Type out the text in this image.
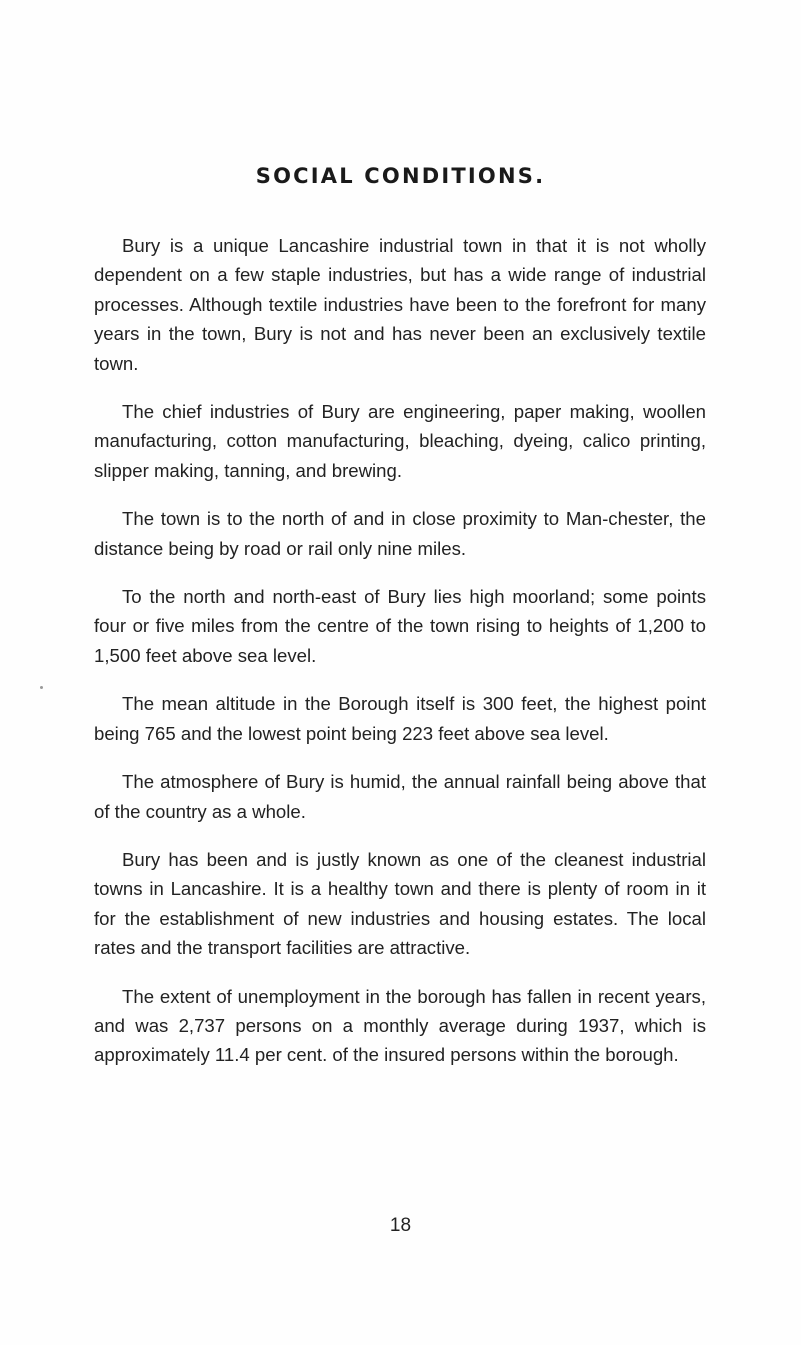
SOCIAL CONDITIONS.

Bury is a unique Lancashire industrial town in that it is not wholly dependent on a few staple industries, but has a wide range of industrial processes. Although textile industries have been to the forefront for many years in the town, Bury is not and has never been an exclusively textile town.

The chief industries of Bury are engineering, paper making, woollen manufacturing, cotton manufacturing, bleaching, dyeing, calico printing, slipper making, tanning, and brewing.

The town is to the north of and in close proximity to Man-chester, the distance being by road or rail only nine miles.

To the north and north-east of Bury lies high moorland; some points four or five miles from the centre of the town rising to heights of 1,200 to 1,500 feet above sea level.

The mean altitude in the Borough itself is 300 feet, the highest point being 765 and the lowest point being 223 feet above sea level.

The atmosphere of Bury is humid, the annual rainfall being above that of the country as a whole.

Bury has been and is justly known as one of the cleanest industrial towns in Lancashire. It is a healthy town and there is plenty of room in it for the establishment of new industries and housing estates. The local rates and the transport facilities are attractive.

The extent of unemployment in the borough has fallen in recent years, and was 2,737 persons on a monthly average during 1937, which is approximately 11.4 per cent. of the insured persons within the borough.

18
